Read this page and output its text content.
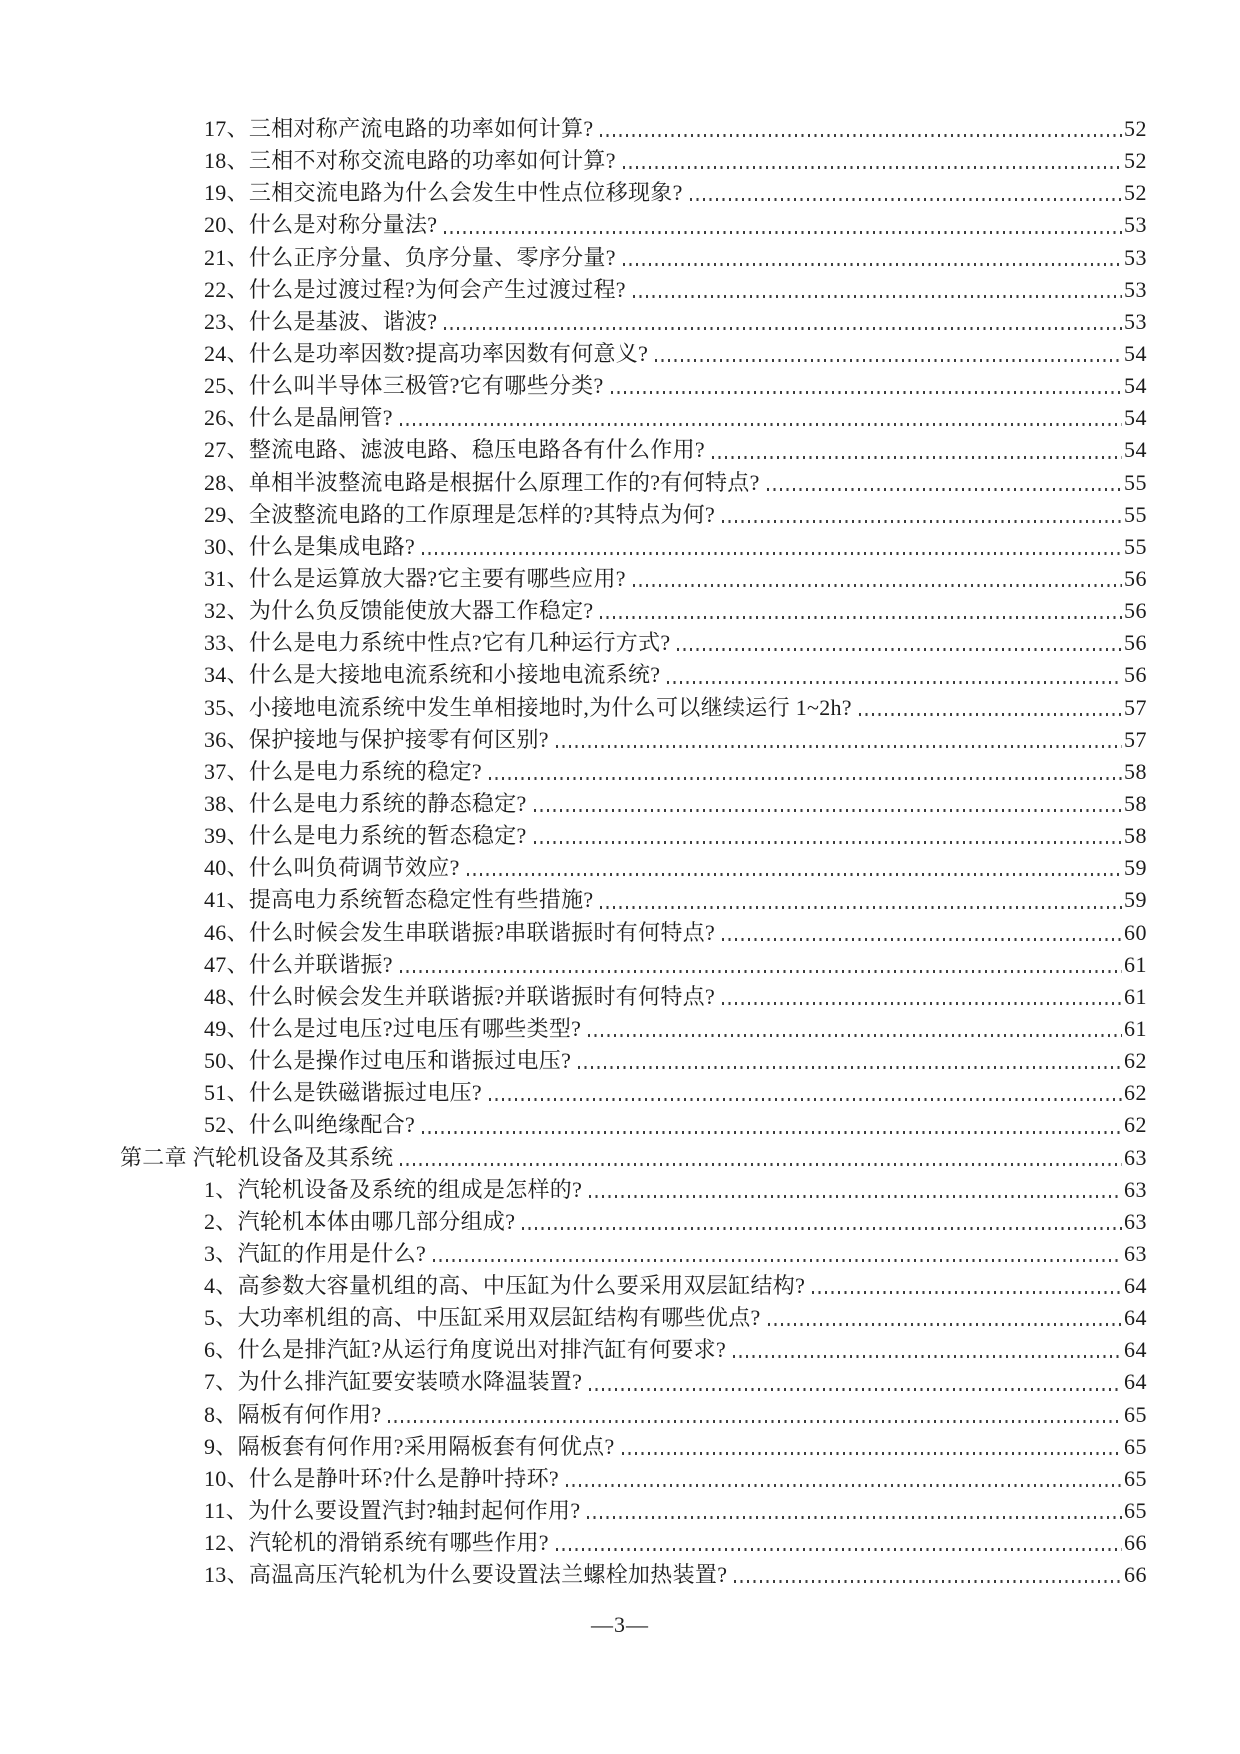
17、三相对称产流电路的功率如何计算?	52
18、三相不对称交流电路的功率如何计算?	52
19、三相交流电路为什么会发生中性点位移现象?	52
20、什么是对称分量法?	53
21、什么正序分量、负序分量、零序分量?	53
22、什么是过渡过程?为何会产生过渡过程?	53
23、什么是基波、谐波?	53
24、什么是功率因数?提高功率因数有何意义?	54
25、什么叫半导体三极管?它有哪些分类?	54
26、什么是晶闸管?	54
27、整流电路、滤波电路、稳压电路各有什么作用?	54
28、单相半波整流电路是根据什么原理工作的?有何特点?	55
29、全波整流电路的工作原理是怎样的?其特点为何?	55
30、什么是集成电路?	55
31、什么是运算放大器?它主要有哪些应用?	56
32、为什么负反馈能使放大器工作稳定?	56
33、什么是电力系统中性点?它有几种运行方式?	56
34、什么是大接地电流系统和小接地电流系统?	56
35、小接地电流系统中发生单相接地时,为什么可以继续运行 1~2h?	57
36、保护接地与保护接零有何区别?	57
37、什么是电力系统的稳定?	58
38、什么是电力系统的静态稳定?	58
39、什么是电力系统的暂态稳定?	58
40、什么叫负荷调节效应?	59
41、提高电力系统暂态稳定性有些措施?	59
46、什么时候会发生串联谐振?串联谐振时有何特点?	60
47、什么并联谐振?	61
48、什么时候会发生并联谐振?并联谐振时有何特点?	61
49、什么是过电压?过电压有哪些类型?	61
50、什么是操作过电压和谐振过电压?	62
51、什么是铁磁谐振过电压?	62
52、什么叫绝缘配合?	62
第二章 汽轮机设备及其系统	63
1、汽轮机设备及系统的组成是怎样的?	63
2、汽轮机本体由哪几部分组成?	63
3、汽缸的作用是什么?	63
4、高参数大容量机组的高、中压缸为什么要采用双层缸结构?	64
5、大功率机组的高、中压缸采用双层缸结构有哪些优点?	64
6、什么是排汽缸?从运行角度说出对排汽缸有何要求?	64
7、为什么排汽缸要安装喷水降温装置?	64
8、隔板有何作用?	65
9、隔板套有何作用?采用隔板套有何优点?	65
10、什么是静叶环?什么是静叶持环?	65
11、为什么要设置汽封?轴封起何作用?	65
12、汽轮机的滑销系统有哪些作用?	66
13、高温高压汽轮机为什么要设置法兰螺栓加热装置?	66
—3—
